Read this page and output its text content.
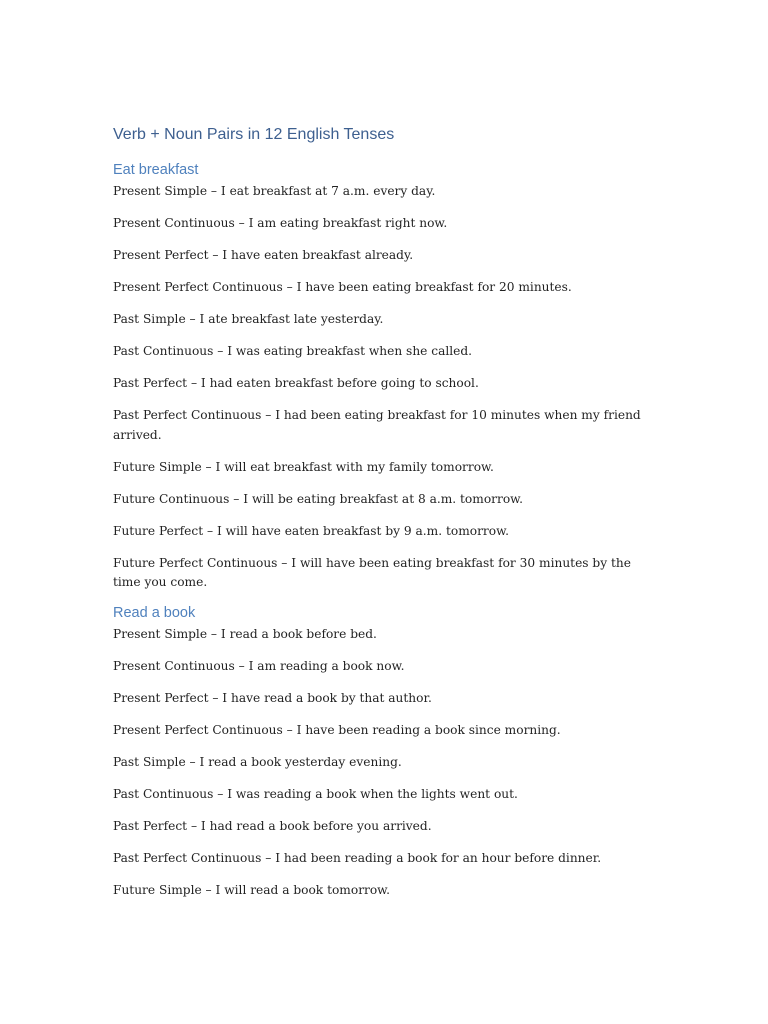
Verb + Noun Pairs in 12 English Tenses
Eat breakfast

Present Simple – I eat breakfast at 7 a.m. every day.

Present Continuous – I am eating breakfast right now.

Present Perfect – I have eaten breakfast already.

Present Perfect Continuous – I have been eating breakfast for 20 minutes.

Past Simple – I ate breakfast late yesterday.

Past Continuous – I was eating breakfast when she called.

Past Perfect – I had eaten breakfast before going to school.

Past Perfect Continuous – I had been eating breakfast for 10 minutes when my friend arrived.

Future Simple – I will eat breakfast with my family tomorrow.

Future Continuous – I will be eating breakfast at 8 a.m. tomorrow.

Future Perfect – I will have eaten breakfast by 9 a.m. tomorrow.

Future Perfect Continuous – I will have been eating breakfast for 30 minutes by the time you come.

Read a book

Present Simple – I read a book before bed.

Present Continuous – I am reading a book now.

Present Perfect – I have read a book by that author.

Present Perfect Continuous – I have been reading a book since morning.

Past Simple – I read a book yesterday evening.

Past Continuous – I was reading a book when the lights went out.

Past Perfect – I had read a book before you arrived.

Past Perfect Continuous – I had been reading a book for an hour before dinner.

Future Simple – I will read a book tomorrow.
